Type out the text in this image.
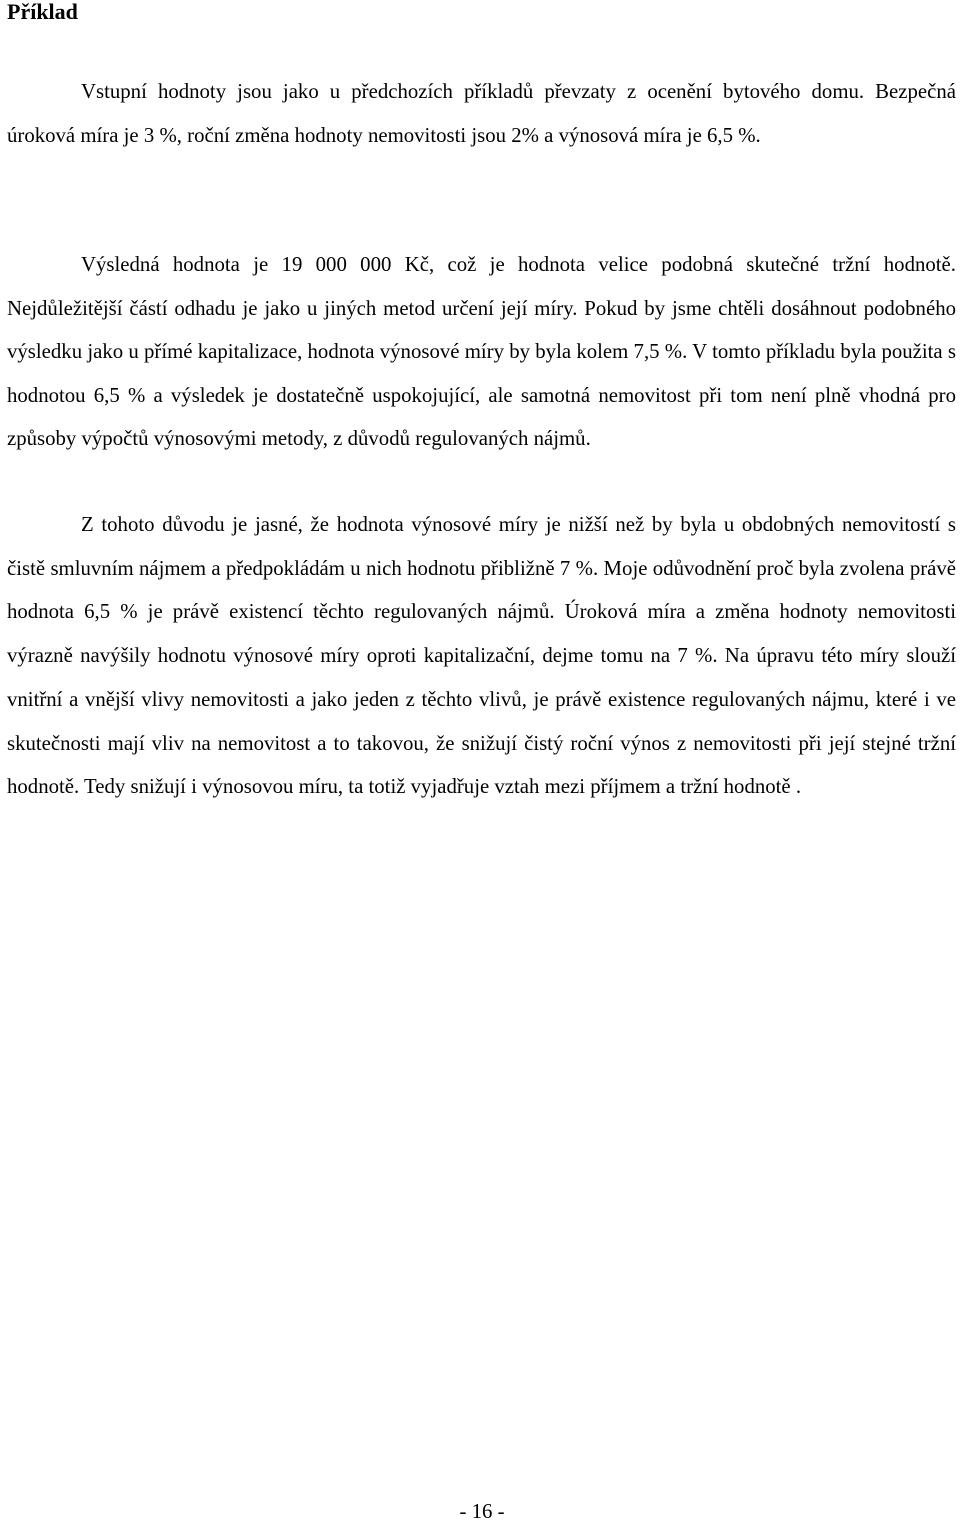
Příklad

Vstupní hodnoty jsou jako u předchozích příkladů převzaty z ocenění bytového domu. Bezpečná úroková míra je 3 %, roční změna hodnoty nemovitosti jsou 2% a výnosová míra je 6,5 %.

Výsledná hodnota je 19 000 000 Kč, což je hodnota velice podobná skutečné tržní hodnotě. Nejdůležitější částí odhadu je jako u jiných metod určení její míry. Pokud by jsme chtěli dosáhnout podobného výsledku jako u přímé kapitalizace, hodnota výnosové míry by byla kolem 7,5 %. V tomto příkladu byla použita s hodnotou 6,5 % a výsledek je dostatečně uspokojující, ale samotná nemovitost při tom není plně vhodná pro způsoby výpočtů výnosovými metody, z důvodů regulovaných nájmů.

Z tohoto důvodu je jasné, že hodnota výnosové míry je nižší než by byla u obdobných nemovitostí s čistě smluvním nájmem a předpokládám u nich hodnotu přibližně 7 %. Moje odůvodnění proč byla zvolena právě hodnota 6,5 % je právě existencí těchto regulovaných nájmů. Úroková míra a změna hodnoty nemovitosti výrazně navýšily hodnotu výnosové míry oproti kapitalizační, dejme tomu na 7 %. Na úpravu této míry slouží vnitřní a vnější vlivy nemovitosti a jako jeden z těchto vlivů, je právě existence regulovaných nájmu, které i ve skutečnosti mají vliv na nemovitost a to takovou, že snižují čistý roční výnos z nemovitosti při její stejné tržní hodnotě. Tedy snižují i výnosovou míru, ta totiž vyjadřuje vztah mezi příjmem a tržní hodnotě .

- 16 -
